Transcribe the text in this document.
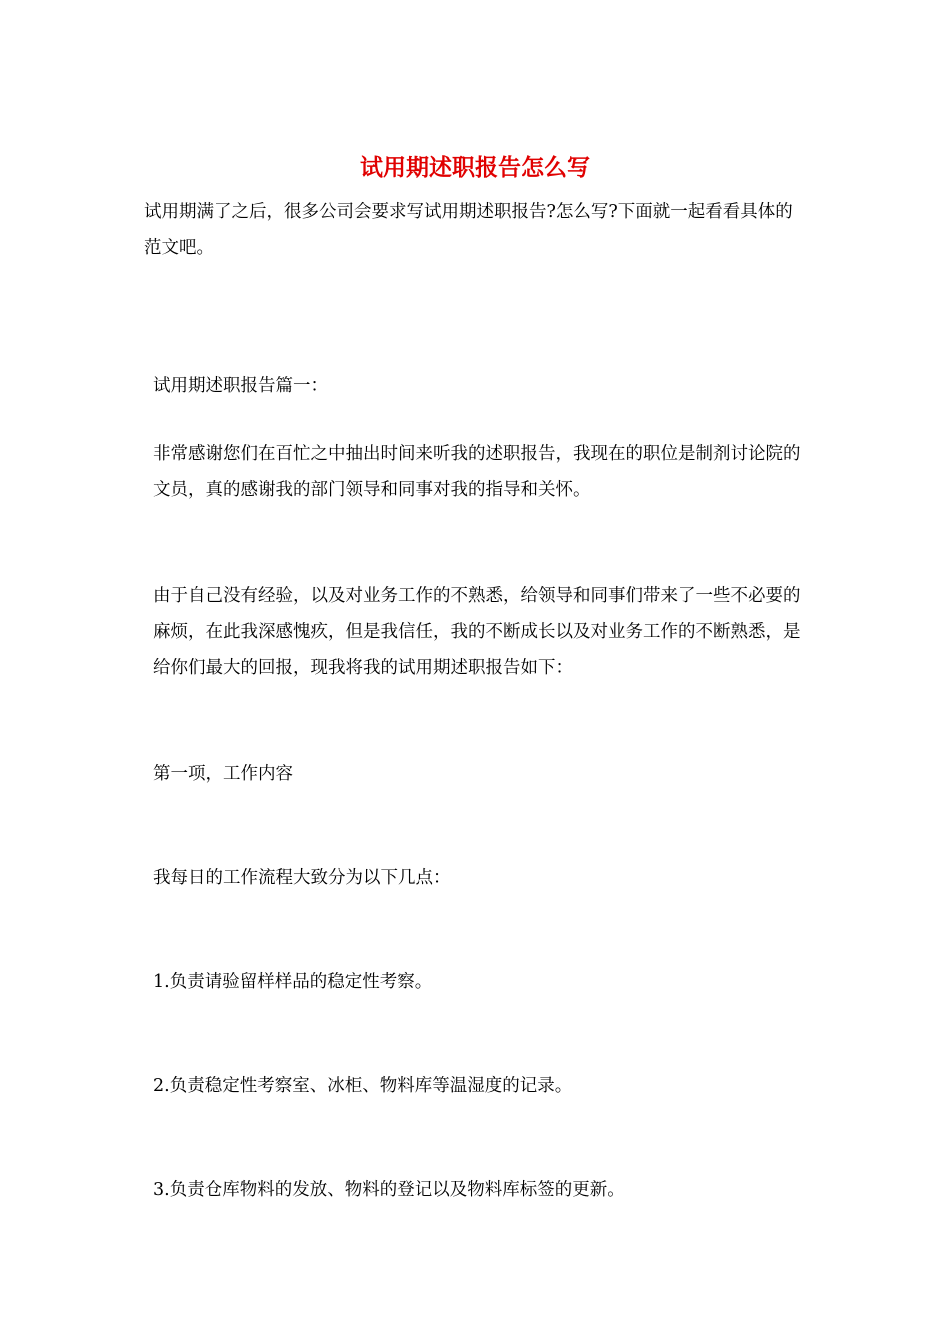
试用期述职报告怎么写

试用期满了之后，很多公司会要求写试用期述职报告?怎么写?下面就一起看看具体的范文吧。

试用期述职报告篇一：

非常感谢您们在百忙之中抽出时间来听我的述职报告，我现在的职位是制剂讨论院的文员，真的感谢我的部门领导和同事对我的指导和关怀。

由于自己没有经验，以及对业务工作的不熟悉，给领导和同事们带来了一些不必要的麻烦，在此我深感愧疚，但是我信任，我的不断成长以及对业务工作的不断熟悉，是给你们最大的回报，现我将我的试用期述职报告如下：

第一项，工作内容

我每日的工作流程大致分为以下几点：

1.负责请验留样样品的稳定性考察。

2.负责稳定性考察室、冰柜、物料库等温湿度的记录。

3.负责仓库物料的发放、物料的登记以及物料库标签的更新。
